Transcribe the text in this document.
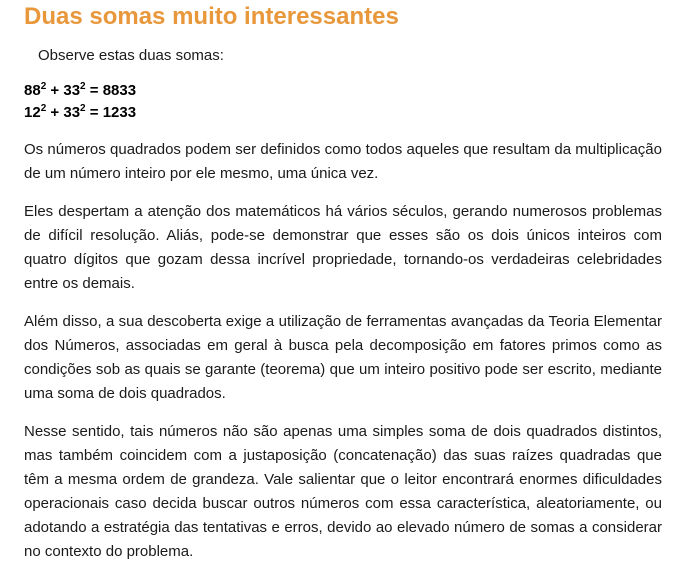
Duas somas muito interessantes
Observe estas duas somas:
$88^2 + 33^2 = 8833$
$12^2 + 33^2 = 1233$

Os números quadrados podem ser definidos como todos aqueles que resultam da multiplicação de um número inteiro por ele mesmo, uma única vez.

Eles despertam a atenção dos matemáticos há vários séculos, gerando numerosos problemas de difícil resolução. Aliás, pode-se demonstrar que esses são os dois únicos inteiros com quatro dígitos que gozam dessa incrível propriedade, tornando-os verdadeiras celebridades entre os demais.

Além disso, a sua descoberta exige a utilização de ferramentas avançadas da Teoria Elementar dos Números, associadas em geral à busca pela decomposição em fatores primos como as condições sob as quais se garante (teorema) que um inteiro positivo pode ser escrito, mediante uma soma de dois quadrados.

Nesse sentido, tais números não são apenas uma simples soma de dois quadrados distintos, mas também coincidem com a justaposição (concatenação) das suas raízes quadradas que têm a mesma ordem de grandeza. Vale salientar que o leitor encontrará enormes dificuldades operacionais caso decida buscar outros números com essa característica, aleatoriamente, ou adotando a estratégia das tentativas e erros, devido ao elevado número de somas a considerar no contexto do problema.
